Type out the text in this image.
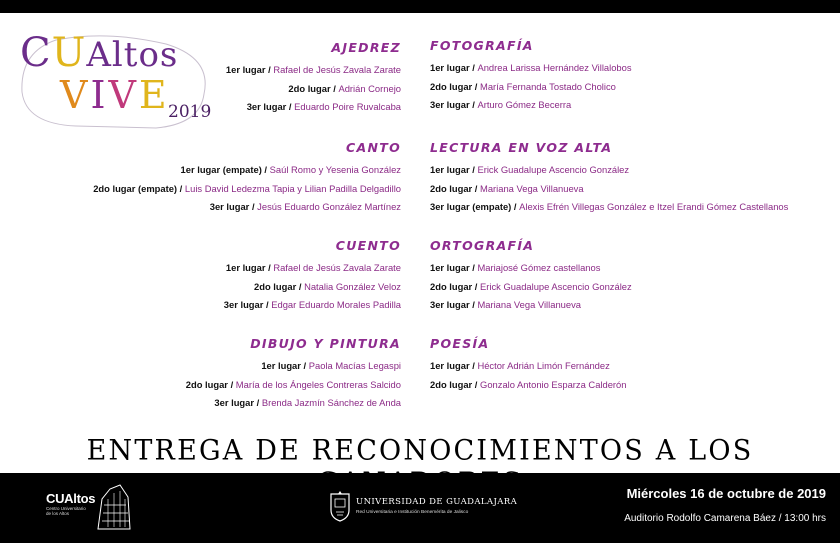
CUAltos
VIVE
2019
AJEDREZ
1er lugar / Rafael de Jesús Zavala Zarate
2do lugar / Adrián Cornejo
3er lugar / Eduardo Poire Ruvalcaba
CANTO
1er lugar (empate) / Saúl Romo y Yesenia González
2do lugar (empate) / Luis David Ledezma Tapia y Lilian Padilla Delgadillo
3er lugar / Jesús Eduardo González Martínez
CUENTO
1er lugar / Rafael de Jesús Zavala Zarate
2do lugar / Natalia González Veloz
3er lugar / Edgar Eduardo Morales Padilla
DIBUJO Y PINTURA
1er lugar / Paola Macías Legaspi
2do lugar / María de los Ángeles Contreras Salcido
3er lugar / Brenda Jazmín Sánchez de Anda
FOTOGRAFÍA
1er lugar / Andrea Larissa Hernández Villalobos
2do lugar / María Fernanda Tostado Cholico
3er lugar / Arturo Gómez Becerra
LECTURA EN VOZ ALTA
1er lugar / Erick Guadalupe Ascencio González
2do lugar / Mariana Vega Villanueva
3er lugar (empate) / Alexis Efrén Villegas González e Itzel Erandi Gómez Castellanos
ORTOGRAFÍA
1er lugar / Mariajosé Gómez castellanos
2do lugar / Erick Guadalupe Ascencio González
3er lugar / Mariana Vega Villanueva
POESÍA
1er lugar / Héctor Adrián Limón Fernández
2do lugar / Gonzalo Antonio Esparza Calderón
ENTREGA DE RECONOCIMIENTOS A LOS
CUAltos
Centro Universitario de los Altos
UNIVERSIDAD DE GUADALAJARA
Red Universitaria e Institución Benemérita de Jalisco
Miércoles 16 de octubre de 2019
Auditorio Rodolfo Camarena Báez / 13:00 hrs
